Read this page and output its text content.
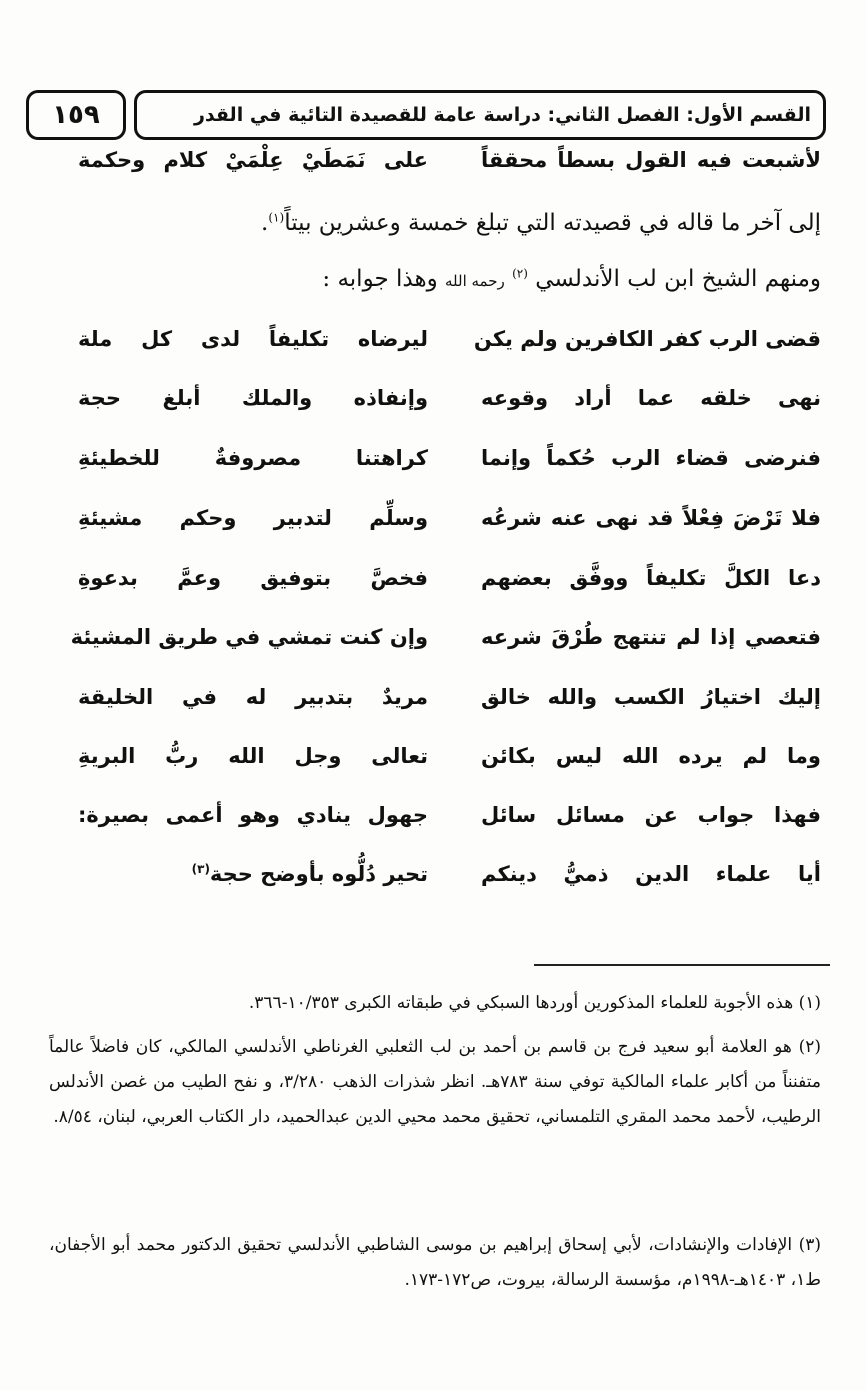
١٥٩	القسم الأول: الفصل الثاني: دراسة عامة للقصيدة التائية في القدر
لأشبعت فيه القول بسطاً محققاً
على نَمَطَيْ عِلْمَيْ كلام وحكمة
إلى آخر ما قاله في قصيدته التي تبلغ خمسة وعشرين بيتاً$^{(١)}$.
ومنهم الشيخ ابن لب الأندلسي $^{(٢)}$ رحمه الله وهذا جوابه :
قضى الرب كفر الكافرين ولم يكن
ليرضاه تكليفاً لدى كل ملة
نهى خلقه عما أراد وقوعه
وإنفاذه والملك أبلغ حجة
فنرضى قضاء الرب حُكماً وإنما
كراهتنا مصروفةٌ للخطيئةِ
فلا تَرْضَ فِعْلاً قد نهى عنه شرعُه
وسلِّم لتدبير وحكم مشيئةِ
دعا الكلَّ تكليفاً ووفَّق بعضهم
فخصَّ بتوفيق وعمَّ بدعوةِ
فتعصي إذا لم تنتهج طُرْقَ شرعه
وإن كنت تمشي في طريق المشيئة
إليك اختيارُ الكسب والله خالق
مريدٌ بتدبير له في الخليقة
وما لم يرده الله ليس بكائن
تعالى وجل الله ربُّ البريةِ
فهذا جواب عن مسائل سائل
جهول ينادي وهو أعمى بصيرة:
أيا علماء الدين ذميُّ دينكم
تحير دُلُّوه بأوضح حجة$^{(٣)}$
(١) هذه الأجوبة للعلماء المذكورين أوردها السبكي في طبقاته الكبرى ١٠/٣٥٣-٣٦٦.
(٢) هو العلامة أبو سعيد فرج بن قاسم بن أحمد بن لب الثعلبي الغرناطي الأندلسي المالكي، كان فاضلاً عالماً متفنناً من أكابر علماء المالكية توفي سنة ٧٨٣هـ. انظر شذرات الذهب ٣/٢٨٠، و نفح الطيب من غصن الأندلس الرطيب، لأحمد محمد المقري التلمساني، تحقيق محمد محيي الدين عبدالحميد، دار الكتاب العربي، لبنان، ٨/٥٤.
(٣) الإفادات والإنشادات، لأبي إسحاق إبراهيم بن موسى الشاطبي الأندلسي تحقيق الدكتور محمد أبو الأجفان، ط١، ١٤٠٣هـ-١٩٩٨م، مؤسسة الرسالة، بيروت، ص١٧٢-١٧٣.
